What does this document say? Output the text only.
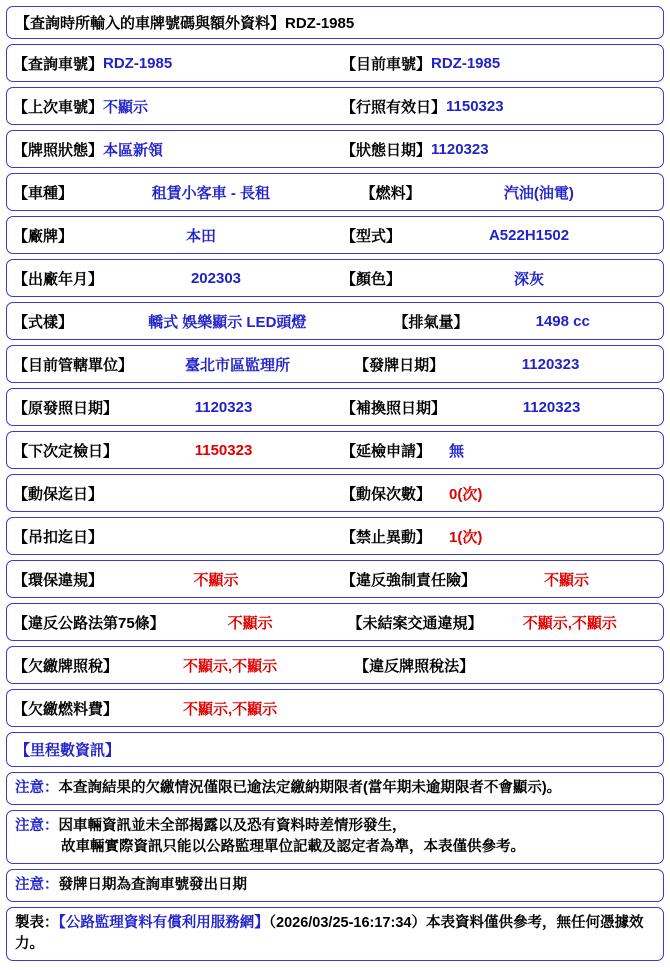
【查詢時所輸入的車牌號碼與額外資料】RDZ-1985
【查詢車號】 RDZ-1985	【目前車號】 RDZ-1985
【上次車號】 不顯示	【行照有效日】 1150323
【牌照狀態】 本區新領	【狀態日期】 1120323
【車種】	租賃小客車 - 長租	【燃料】	汽油(油電)
【廠牌】	本田	【型式】	A522H1502
【出廠年月】	202303	【顏色】	深灰
【式樣】	轎式 娛樂顯示 LED頭燈	【排氣量】	1498 cc
【目前管轄單位】	臺北市區監理所	【發牌日期】	1120323
【原發照日期】	1120323	【補換照日期】	1120323
【下次定檢日】	1150323	【延檢申請】	無
【動保迄日】	【動保次數】	0(次)
【吊扣迄日】	【禁止異動】	1(次)
【環保違規】	不顯示	【違反強制責任險】	不顯示
【違反公路法第75條】	不顯示	【未結案交通違規】	不顯示,不顯示
【欠繳牌照稅】	不顯示,不顯示	【違反牌照稅法】
【欠繳燃料費】	不顯示,不顯示
【里程數資訊】
注意：本查詢結果的欠繳情況僅限已逾法定繳納期限者(當年期未逾期限者不會顯示)。
注意：因車輛資訊並未全部揭露以及恐有資料時差情形發生，
故車輛實際資訊只能以公路監理單位記載及認定者為準，本表僅供參考。
注意：發牌日期為查詢車號發出日期
製表：【公路監理資料有償利用服務網】（2026/03/25-16:17:34）本表資料僅供參考，無任何憑據效力。
